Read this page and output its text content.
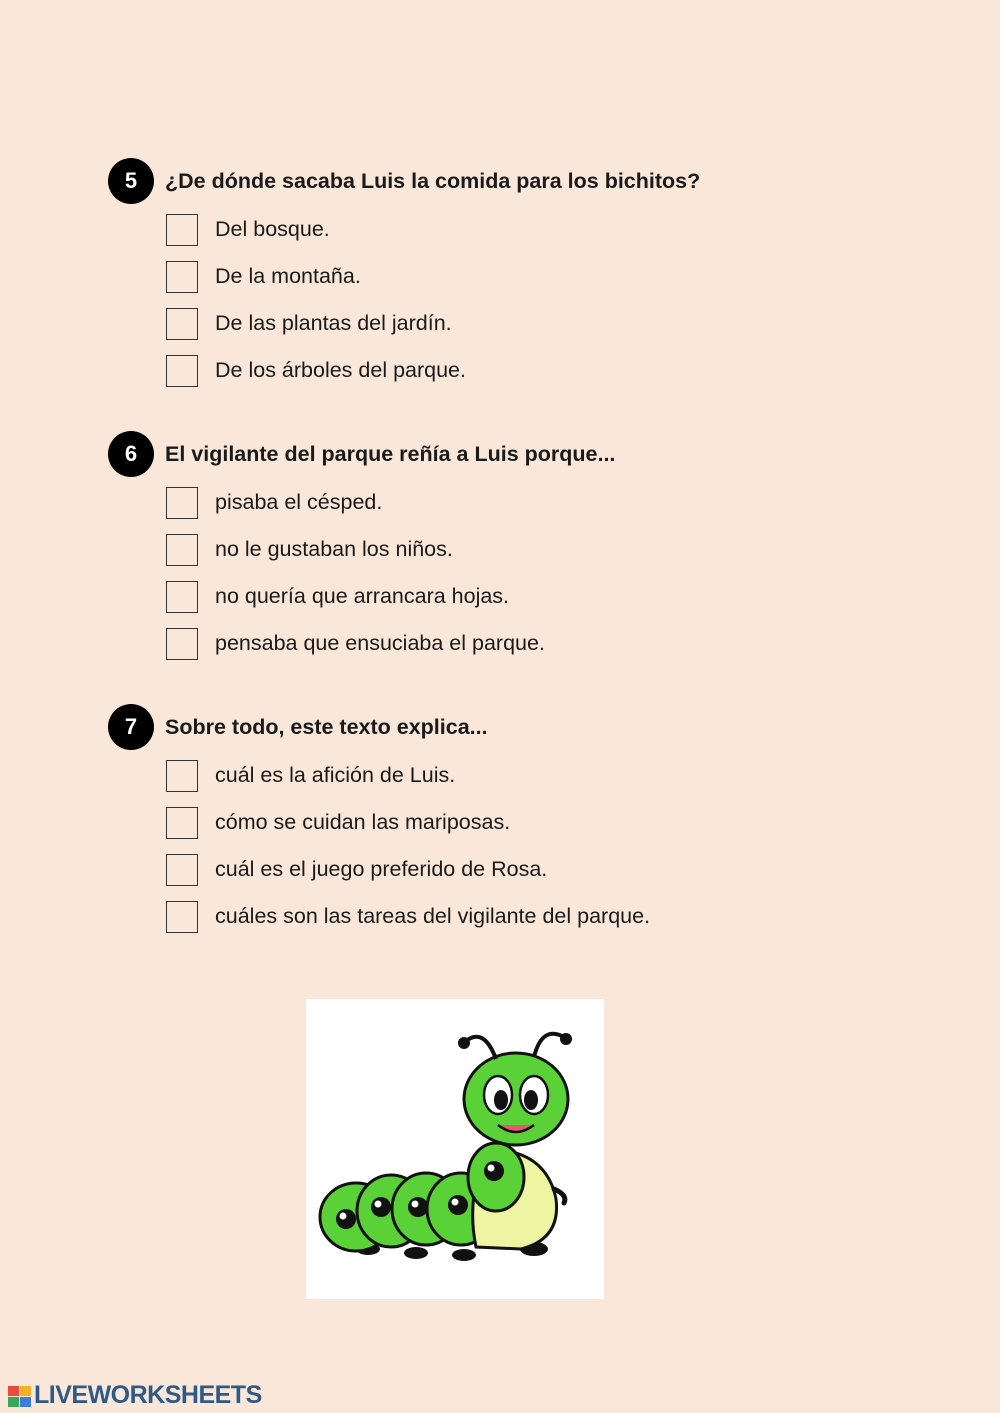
5	¿De dónde sacaba Luis la comida para los bichitos?
Del bosque.
De la montaña.
De las plantas del jardín.
De los árboles del parque.
6	El vigilante del parque reñía a Luis porque...
pisaba el césped.
no le gustaban los niños.
no quería que arrancara hojas.
pensaba que ensuciaba el parque.
7	Sobre todo, este texto explica...
cuál es la afición de Luis.
cómo se cuidan las mariposas.
cuál es el juego preferido de Rosa.
cuáles son las tareas del vigilante del parque.
LIVEWORKSHEETS
